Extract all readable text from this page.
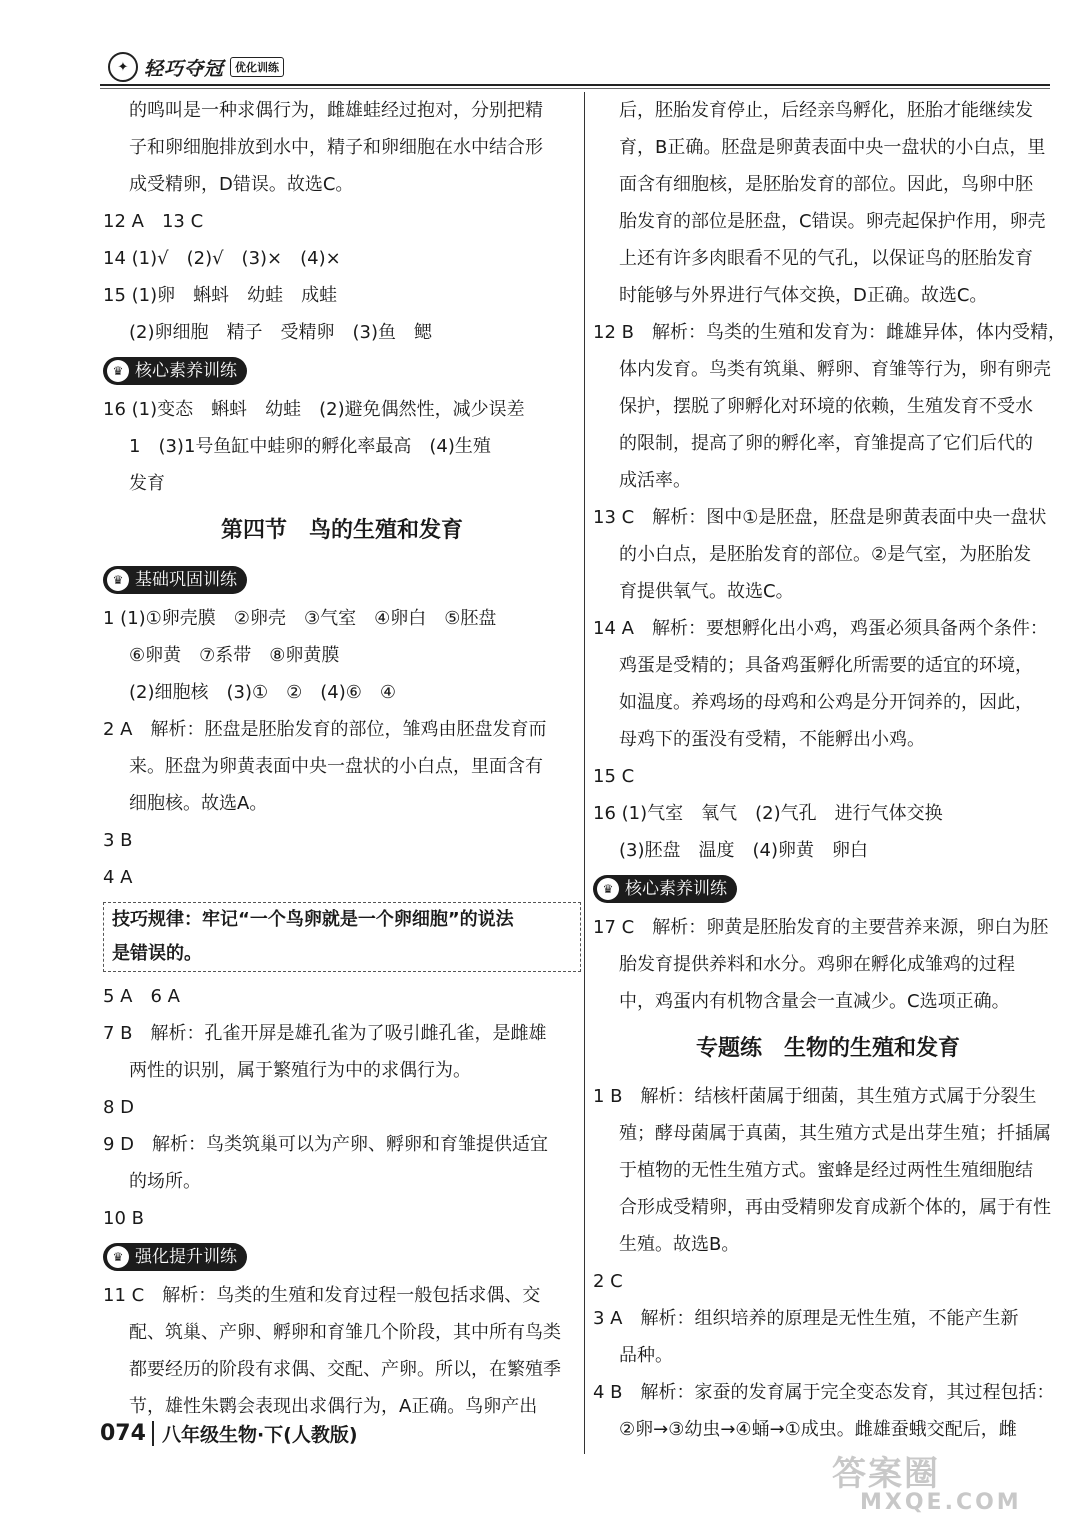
✦ 轻巧夺冠	优化训练
的鸣叫是一种求偶行为，雌雄蛙经过抱对，分别把精
子和卵细胞排放到水中，精子和卵细胞在水中结合形
成受精卵，D错误。故选C。
12 A　13 C
14 (1)√　(2)√　(3)×　(4)×
15 (1)卵　蝌蚪　幼蛙　成蛙
(2)卵细胞　精子　受精卵　(3)鱼　鳃
♛ 核心素养训练
16 (1)变态　蝌蚪　幼蛙　(2)避免偶然性，减少误差
1　(3)1号鱼缸中蛙卵的孵化率最高　(4)生殖
发育
第四节　鸟的生殖和发育
♛ 基础巩固训练
1 (1)①卵壳膜　②卵壳　③气室　④卵白　⑤胚盘
⑥卵黄　⑦系带　⑧卵黄膜
(2)细胞核　(3)①　②　(4)⑥　④
2 A　解析：胚盘是胚胎发育的部位，雏鸡由胚盘发育而
来。胚盘为卵黄表面中央一盘状的小白点，里面含有
细胞核。故选A。
3 B
4 A
技巧规律：牢记“一个鸟卵就是一个卵细胞”的说法
是错误的。
5 A　6 A
7 B　解析：孔雀开屏是雄孔雀为了吸引雌孔雀，是雌雄
两性的识别，属于繁殖行为中的求偶行为。
8 D
9 D　解析：鸟类筑巢可以为产卵、孵卵和育雏提供适宜
的场所。
10 B
♛ 强化提升训练
11 C　解析：鸟类的生殖和发育过程一般包括求偶、交
配、筑巢、产卵、孵卵和育雏几个阶段，其中所有鸟类
都要经历的阶段有求偶、交配、产卵。所以，在繁殖季
节，雄性朱鹮会表现出求偶行为，A正确。鸟卵产出
后，胚胎发育停止，后经亲鸟孵化，胚胎才能继续发
育，B正确。胚盘是卵黄表面中央一盘状的小白点，里
面含有细胞核，是胚胎发育的部位。因此，鸟卵中胚
胎发育的部位是胚盘，C错误。卵壳起保护作用，卵壳
上还有许多肉眼看不见的气孔，以保证鸟的胚胎发育
时能够与外界进行气体交换，D正确。故选C。
12 B　解析：鸟类的生殖和发育为：雌雄异体，体内受精，
体内发育。鸟类有筑巢、孵卵、育雏等行为，卵有卵壳
保护，摆脱了卵孵化对环境的依赖，生殖发育不受水
的限制，提高了卵的孵化率，育雏提高了它们后代的
成活率。
13 C　解析：图中①是胚盘，胚盘是卵黄表面中央一盘状
的小白点，是胚胎发育的部位。②是气室，为胚胎发
育提供氧气。故选C。
14 A　解析：要想孵化出小鸡，鸡蛋必须具备两个条件：
鸡蛋是受精的；具备鸡蛋孵化所需要的适宜的环境，
如温度。养鸡场的母鸡和公鸡是分开饲养的，因此，
母鸡下的蛋没有受精，不能孵出小鸡。
15 C
16 (1)气室　氧气　(2)气孔　进行气体交换
(3)胚盘　温度　(4)卵黄　卵白
♛ 核心素养训练
17 C　解析：卵黄是胚胎发育的主要营养来源，卵白为胚
胎发育提供养料和水分。鸡卵在孵化成雏鸡的过程
中，鸡蛋内有机物含量会一直减少。C选项正确。
专题练　生物的生殖和发育
1 B　解析：结核杆菌属于细菌，其生殖方式属于分裂生
殖；酵母菌属于真菌，其生殖方式是出芽生殖；扦插属
于植物的无性生殖方式。蜜蜂是经过两性生殖细胞结
合形成受精卵，再由受精卵发育成新个体的，属于有性
生殖。故选B。
2 C
3 A　解析：组织培养的原理是无性生殖，不能产生新
品种。
4 B　解析：家蚕的发育属于完全变态发育，其过程包括：
②卵→③幼虫→④蛹→①成虫。雌雄蚕蛾交配后，雌
074 八年级生物·下(人教版)
答案圈
MXQE.COM
